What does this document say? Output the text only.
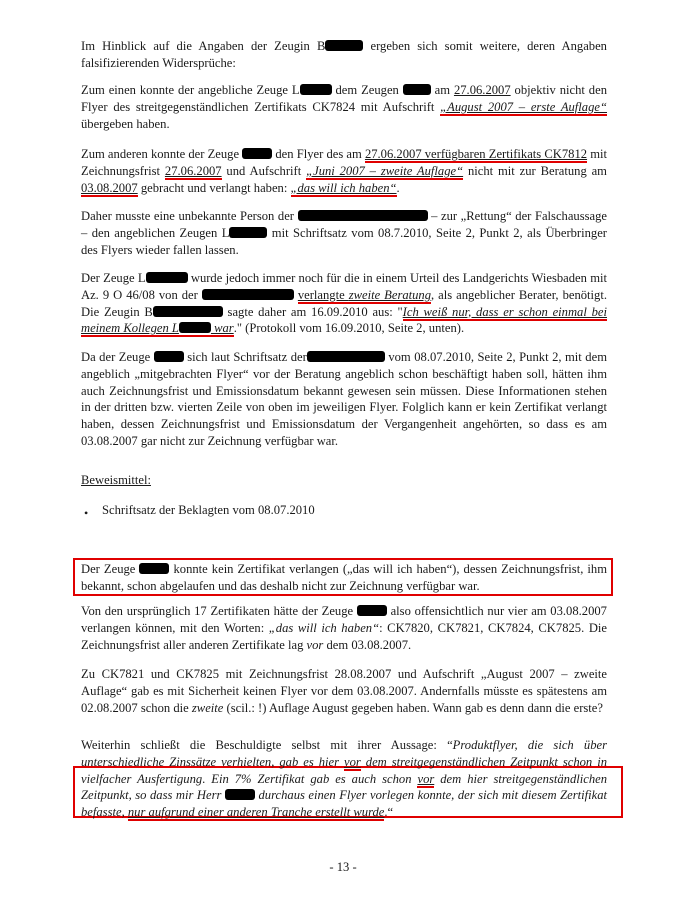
Im Hinblick auf die Angaben der Zeugin B	ergeben sich somit weitere, deren Angaben falsifizierenden Widersprüche:

Zum einen konnte der angebliche Zeuge L	dem Zeugen  am 27.06.2007 objektiv nicht den Flyer des streitgegenständlichen Zertifikats CK7824 mit Aufschrift „August 2007 – erste Auflage“ übergeben haben.

Zum anderen konnte der Zeuge  den Flyer des am 27.06.2007 verfügbaren Zertifikats CK7812 mit Zeichnungsfrist 27.06.2007 und Aufschrift „Juni 2007 – zweite Auflage“ nicht mit zur Beratung am 03.08.2007 gebracht und verlangt haben: „das will ich haben“.

Daher musste eine unbekannte Person der	– zur „Rettung“ der Falschaussage – den angeblichen Zeugen L	mit Schriftsatz vom 08.7.2010, Seite 2, Punkt 2, als Überbringer des Flyers wieder fallen lassen.

Der Zeuge L	wurde jedoch immer noch für die in einem Urteil des Landgerichts Wiesbaden mit Az. 9 O 46/08 von der	verlangte zweite Beratung, als angeblicher Berater, benötigt. Die Zeugin B	sagte daher am 16.09.2010 aus: "Ich weiß nur, dass er schon einmal bei meinem Kollegen L	war." (Protokoll vom 16.09.2010, Seite 2, unten).

Da der Zeuge  sich laut Schriftsatz der	vom 08.07.2010, Seite 2, Punkt 2, mit dem angeblich „mitgebrachten Flyer“ vor der Beratung angeblich schon beschäftigt haben soll, hätten ihm auch Zeichnungsfrist und Emissionsdatum bekannt gewesen sein müssen. Diese Informationen stehen in der dritten bzw. vierten Zeile von oben im jeweiligen Flyer. Folglich kann er kein Zertifikat verlangt haben, dessen Zeichnungsfrist und Emissionsdatum der Vergangenheit angehörten, so dass es am 03.08.2007 gar nicht zur Zeichnung verfügbar war.

Beweismittel:

• Schriftsatz der Beklagten vom 08.07.2010

Der Zeuge  konnte kein Zertifikat verlangen („das will ich haben“), dessen Zeichnungsfrist, ihm bekannt, schon abgelaufen und das deshalb nicht zur Zeichnung verfügbar war.

Von den ursprünglich 17 Zertifikaten hätte der Zeuge  also offensichtlich nur vier am 03.08.2007 verlangen können, mit den Worten: „das will ich haben“: CK7820, CK7821, CK7824, CK7825. Die Zeichnungsfrist aller anderen Zertifikate lag vor dem 03.08.2007.

Zu CK7821 und CK7825 mit Zeichnungsfrist 28.08.2007 und Aufschrift „August 2007 – zweite Auflage“ gab es mit Sicherheit keinen Flyer vor dem 03.08.2007. Andernfalls müsste es spätestens am 02.08.2007 schon die zweite (scil.: !) Auflage August gegeben haben. Wann gab es denn dann die erste?

Weiterhin schließt die Beschuldigte selbst mit ihrer Aussage: “Produktflyer, die sich über unterschiedliche Zinssätze verhielten, gab es hier vor dem streitgegenständlichen Zeitpunkt schon in vielfacher Ausfertigung. Ein 7% Zertifikat gab es auch schon vor dem hier streitgegenständlichen Zeitpunkt, so dass mir Herr  durchaus einen Flyer vorlegen konnte, der sich mit diesem Zertifikat befasste, nur aufgrund einer anderen Tranche erstellt wurde.“

- 13 -
